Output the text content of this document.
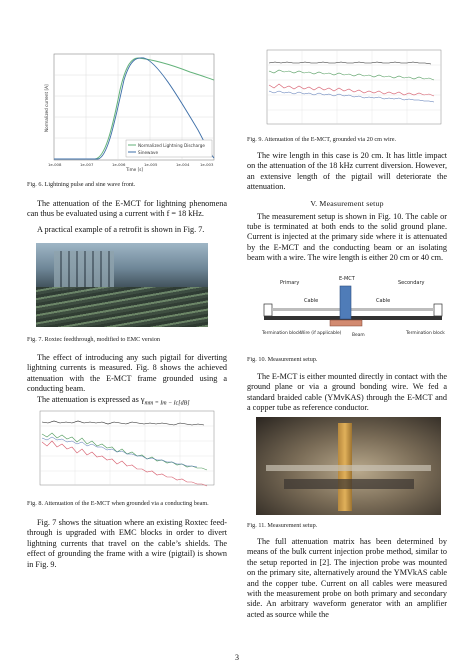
Normalized Lightning Discharge
Sinewave
1e-008	1e-007	1e-006	1e-005	1e-004	1e-003
Time [s]
Normalized current [A]
Fig. 6. Lightning pulse and sine wave front.

The attenuation of the E-MCT for lightning phenomena can thus be evaluated using a current with f = 18 kHz.

A practical example of a retrofit is shown in Fig. 7.

Fig. 7. Roxtec feedthrough, modified to EMC version

The effect of introducing any such pigtail for diverting lightning currents is measured. Fig. 8 shows the achieved attenuation with the E-MCT frame grounded using a conducting beam.

The attenuation is expressed as $\gamma_{mm = Im - Ic[dB]}$

Fig. 8. Attenuation of the E-MCT when grounded via a conducting beam.

Fig. 7 shows the situation where an existing Roxtec feed-through is upgraded with EMC blocks in order to divert lightning currents that travel on the cable’s shields. The effect of grounding the frame with a wire (pigtail) is shown in Fig. 9.

Fig. 9. Attenuation of the E-MCT, grounded via 20 cm wire.

The wire length in this case is 20 cm. It has little impact on the attenuation of the 18 kHz current diversion. However, an extensive length of the pigtail will deteriorate the attenuation.

V. Measurement setup

The measurement setup is shown in Fig. 10. The cable or tube is terminated at both ends to the solid ground plane. Current is injected at the primary side where it is attenuated by the E-MCT and the conducting beam or an isolating beam with a wire. The wire length is either 20 cm or 40 cm.

E-MCT
Primary	Secondary
Cable	Cable
Termination block	Termination block
Wire (if applicable) Beam
Fig. 10. Measurement setup.

The E-MCT is either mounted directly in contact with the ground plane or via a ground bonding wire. We fed a standard braided cable (YMvKAS) through the E-MCT and a copper tube as reference conductor.

Fig. 11. Measurement setup.

The full attenuation matrix has been determined by means of the bulk current injection probe method, similar to the setup reported in [2]. The injection probe was mounted on the primary site, alternatively around the YMVkAS cable and the copper tube. Current on all cables were measured with the measurement probe on both primary and secondary side. An arbitrary waveform generator with an amplifier acted as source while the

3
